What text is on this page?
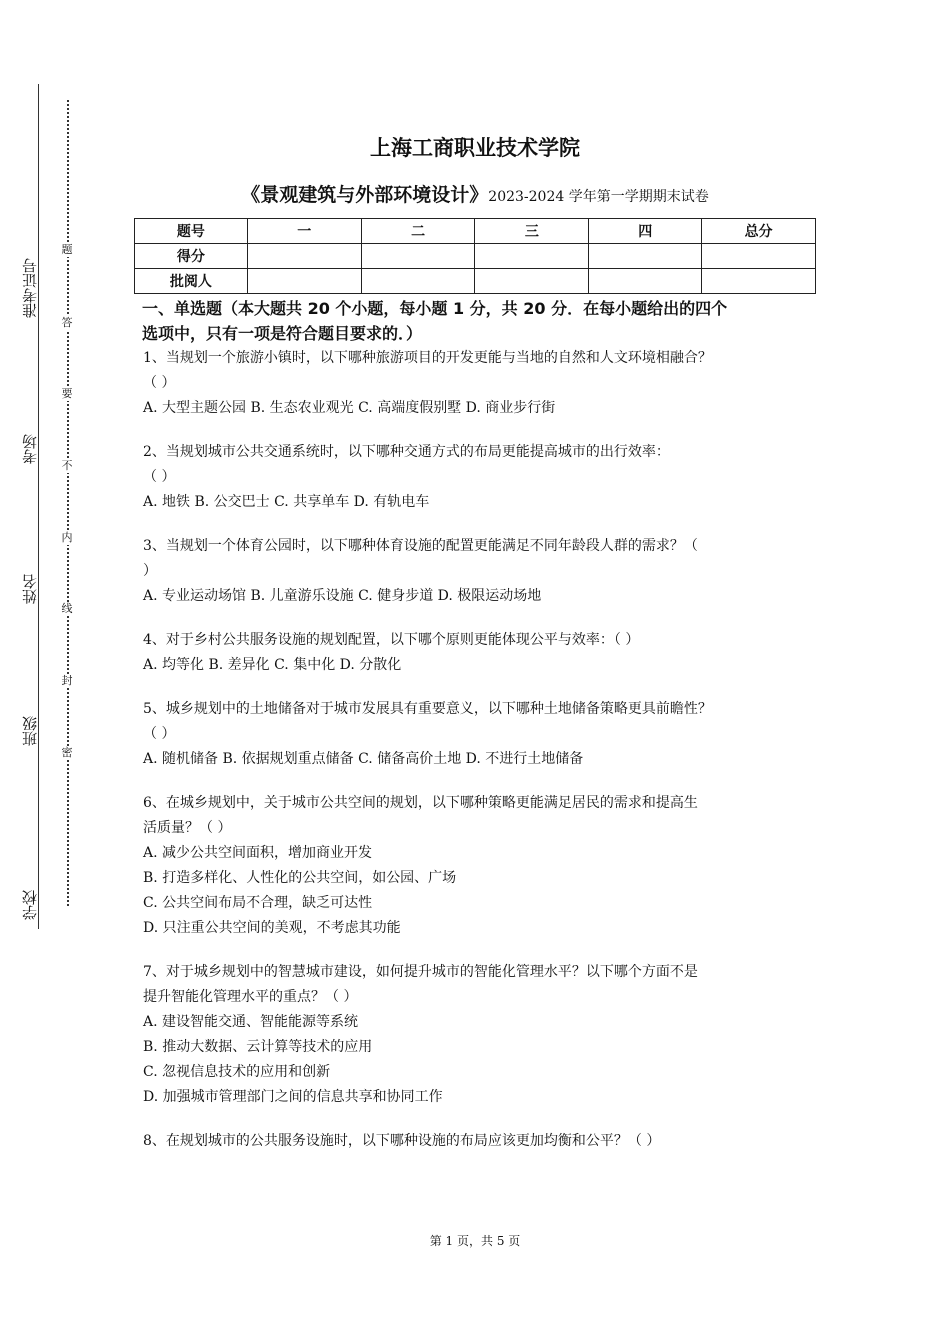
准考证号
考场
姓名
班级
学校
题
答
要
不
内
线
封
密
上海工商职业技术学院
《景观建筑与外部环境设计》2023-2024 学年第一学期期末试卷
题号	一	二	三	四	总分
得分					
批阅人					
一、单选题（本大题共 20 个小题，每小题 1 分，共 20 分．在每小题给出的四个
选项中，只有一项是符合题目要求的．）
1、当规划一个旅游小镇时，以下哪种旅游项目的开发更能与当地的自然和人文环境相融合？
（ ）
A. 大型主题公园 B. 生态农业观光 C. 高端度假别墅 D. 商业步行街
2、当规划城市公共交通系统时，以下哪种交通方式的布局更能提高城市的出行效率：
（ ）
A. 地铁 B. 公交巴士 C. 共享单车 D. 有轨电车
3、当规划一个体育公园时，以下哪种体育设施的配置更能满足不同年龄段人群的需求？（
）
A. 专业运动场馆 B. 儿童游乐设施 C. 健身步道 D. 极限运动场地
4、对于乡村公共服务设施的规划配置，以下哪个原则更能体现公平与效率：（ ）
A. 均等化 B. 差异化 C. 集中化 D. 分散化
5、城乡规划中的土地储备对于城市发展具有重要意义，以下哪种土地储备策略更具前瞻性？
（ ）
A. 随机储备 B. 依据规划重点储备 C. 储备高价土地 D. 不进行土地储备
6、在城乡规划中，关于城市公共空间的规划，以下哪种策略更能满足居民的需求和提高生
活质量？（ ）
A. 减少公共空间面积，增加商业开发
B. 打造多样化、人性化的公共空间，如公园、广场
C. 公共空间布局不合理，缺乏可达性
D. 只注重公共空间的美观，不考虑其功能
7、对于城乡规划中的智慧城市建设，如何提升城市的智能化管理水平？以下哪个方面不是
提升智能化管理水平的重点？（ ）
A. 建设智能交通、智能能源等系统
B. 推动大数据、云计算等技术的应用
C. 忽视信息技术的应用和创新
D. 加强城市管理部门之间的信息共享和协同工作
8、在规划城市的公共服务设施时，以下哪种设施的布局应该更加均衡和公平？（ ）
第 1 页，共 5 页
